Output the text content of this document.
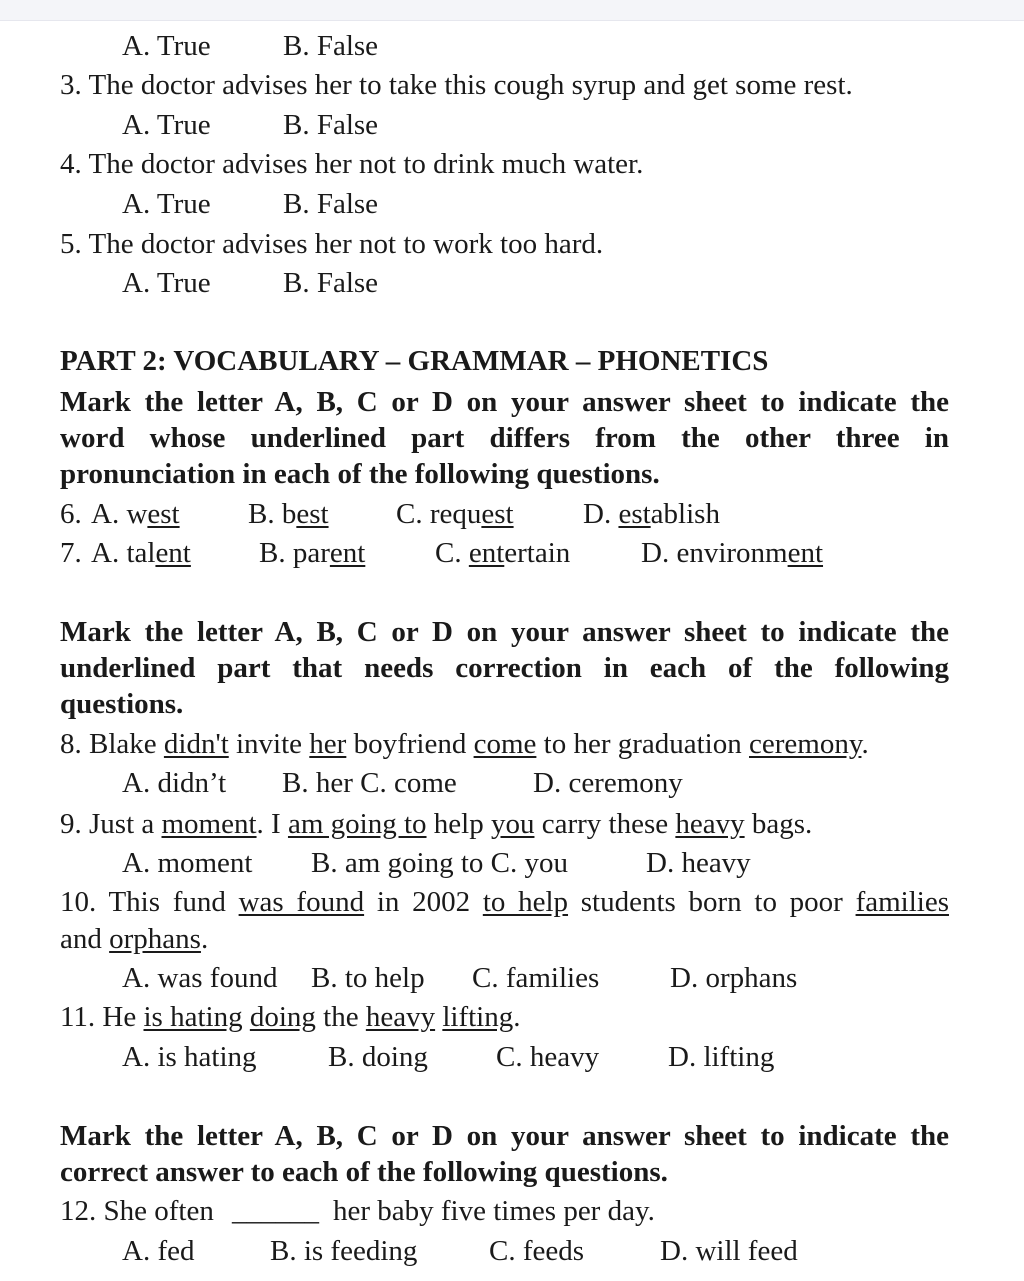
A. True B. False
3. The doctor advises her to take this cough syrup and get some rest.
A. True B. False
4. The doctor advises her not to drink much water.
A. True B. False
5. The doctor advises her not to work too hard.
A. True B. False
PART 2: VOCABULARY – GRAMMAR – PHONETICS
Mark the letter A, B, C or D on your answer sheet to indicate the
word whose underlined part differs from the other three in
pronunciation in each of the following questions.
6. A. west B. best C. request D. establish
7. A. talent B. parent C. entertain D. environment
Mark the letter A, B, C or D on your answer sheet to indicate the
underlined part that needs correction in each of the following
questions.
8. Blake didn't invite her boyfriend come to her graduation ceremony.
A. didn’t B. her C. come	D. ceremony
9. Just a moment. I am going to help you carry these heavy bags.
A. moment B. am going to C. you	D. heavy
10. This fund was found in 2002 to help students born to poor families
and orphans.
A. was found B. to help C. families D. orphans
11. He is hating doing the heavy lifting.
A. is hating B. doing C. heavy D. lifting
Mark the letter A, B, C or D on your answer sheet to indicate the
correct answer to each of the following questions.
12. She often ______ her baby five times per day.
A. fed	B. is feeding C. feeds	D. will feed
